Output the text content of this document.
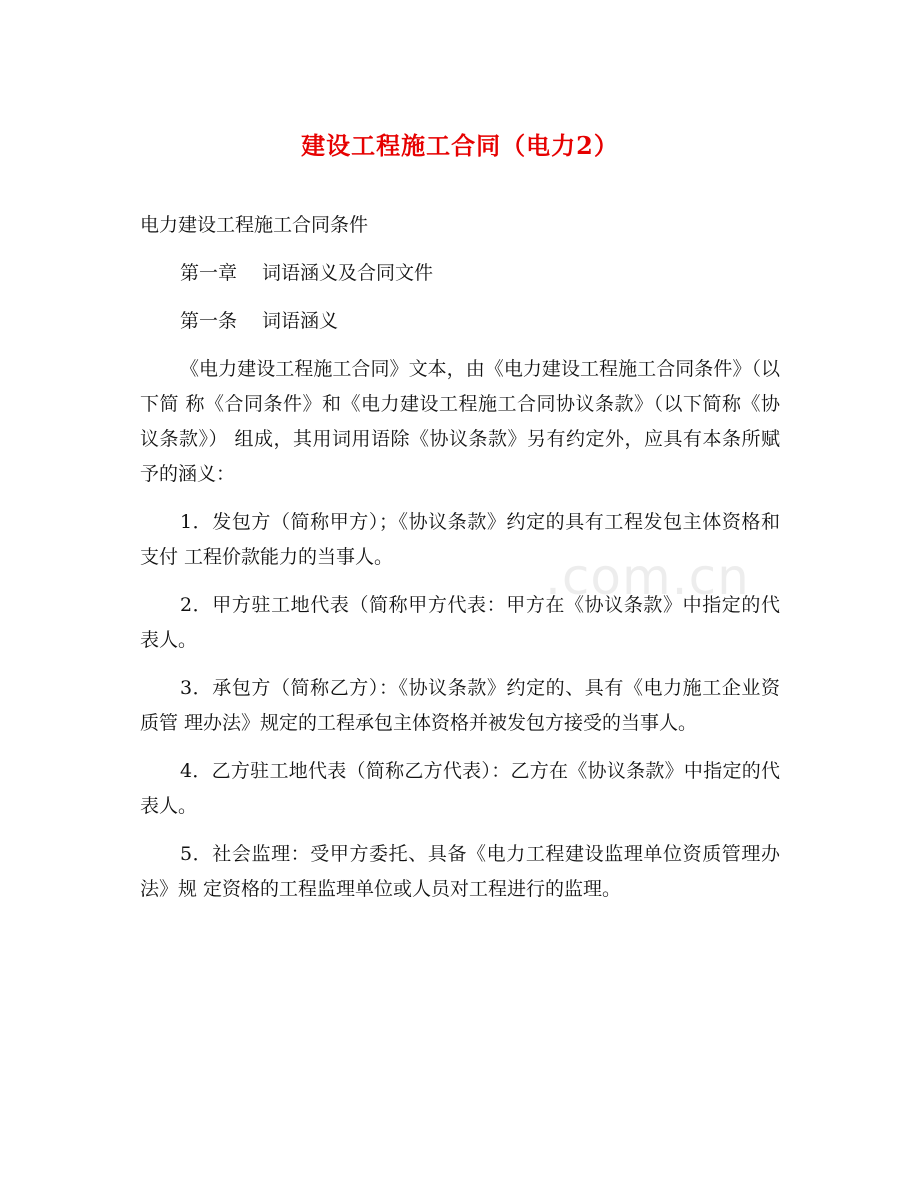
建设工程施工合同（电力2）

电力建设工程施工合同条件

第一章　 词语涵义及合同文件

第一条　 词语涵义

《电力建设工程施工合同》文本，由《电力建设工程施工合同条件》（以下简 称《合同条件》和《电力建设工程施工合同协议条款》（以下简称《协议条款》） 组成，其用词用语除《协议条款》另有约定外，应具有本条所赋予的涵义：

1．发包方（简称甲方）；《协议条款》约定的具有工程发包主体资格和支付 工程价款能力的当事人。

2．甲方驻工地代表（简称甲方代表：甲方在《协议条款》中指定的代表人。

3．承包方（简称乙方）：《协议条款》约定的、具有《电力施工企业资质管 理办法》规定的工程承包主体资格并被发包方接受的当事人。

4．乙方驻工地代表（简称乙方代表）：乙方在《协议条款》中指定的代表人。

5．社会监理：受甲方委托、具备《电力工程建设监理单位资质管理办法》规 定资格的工程监理单位或人员对工程进行的监理。

.com.cn
